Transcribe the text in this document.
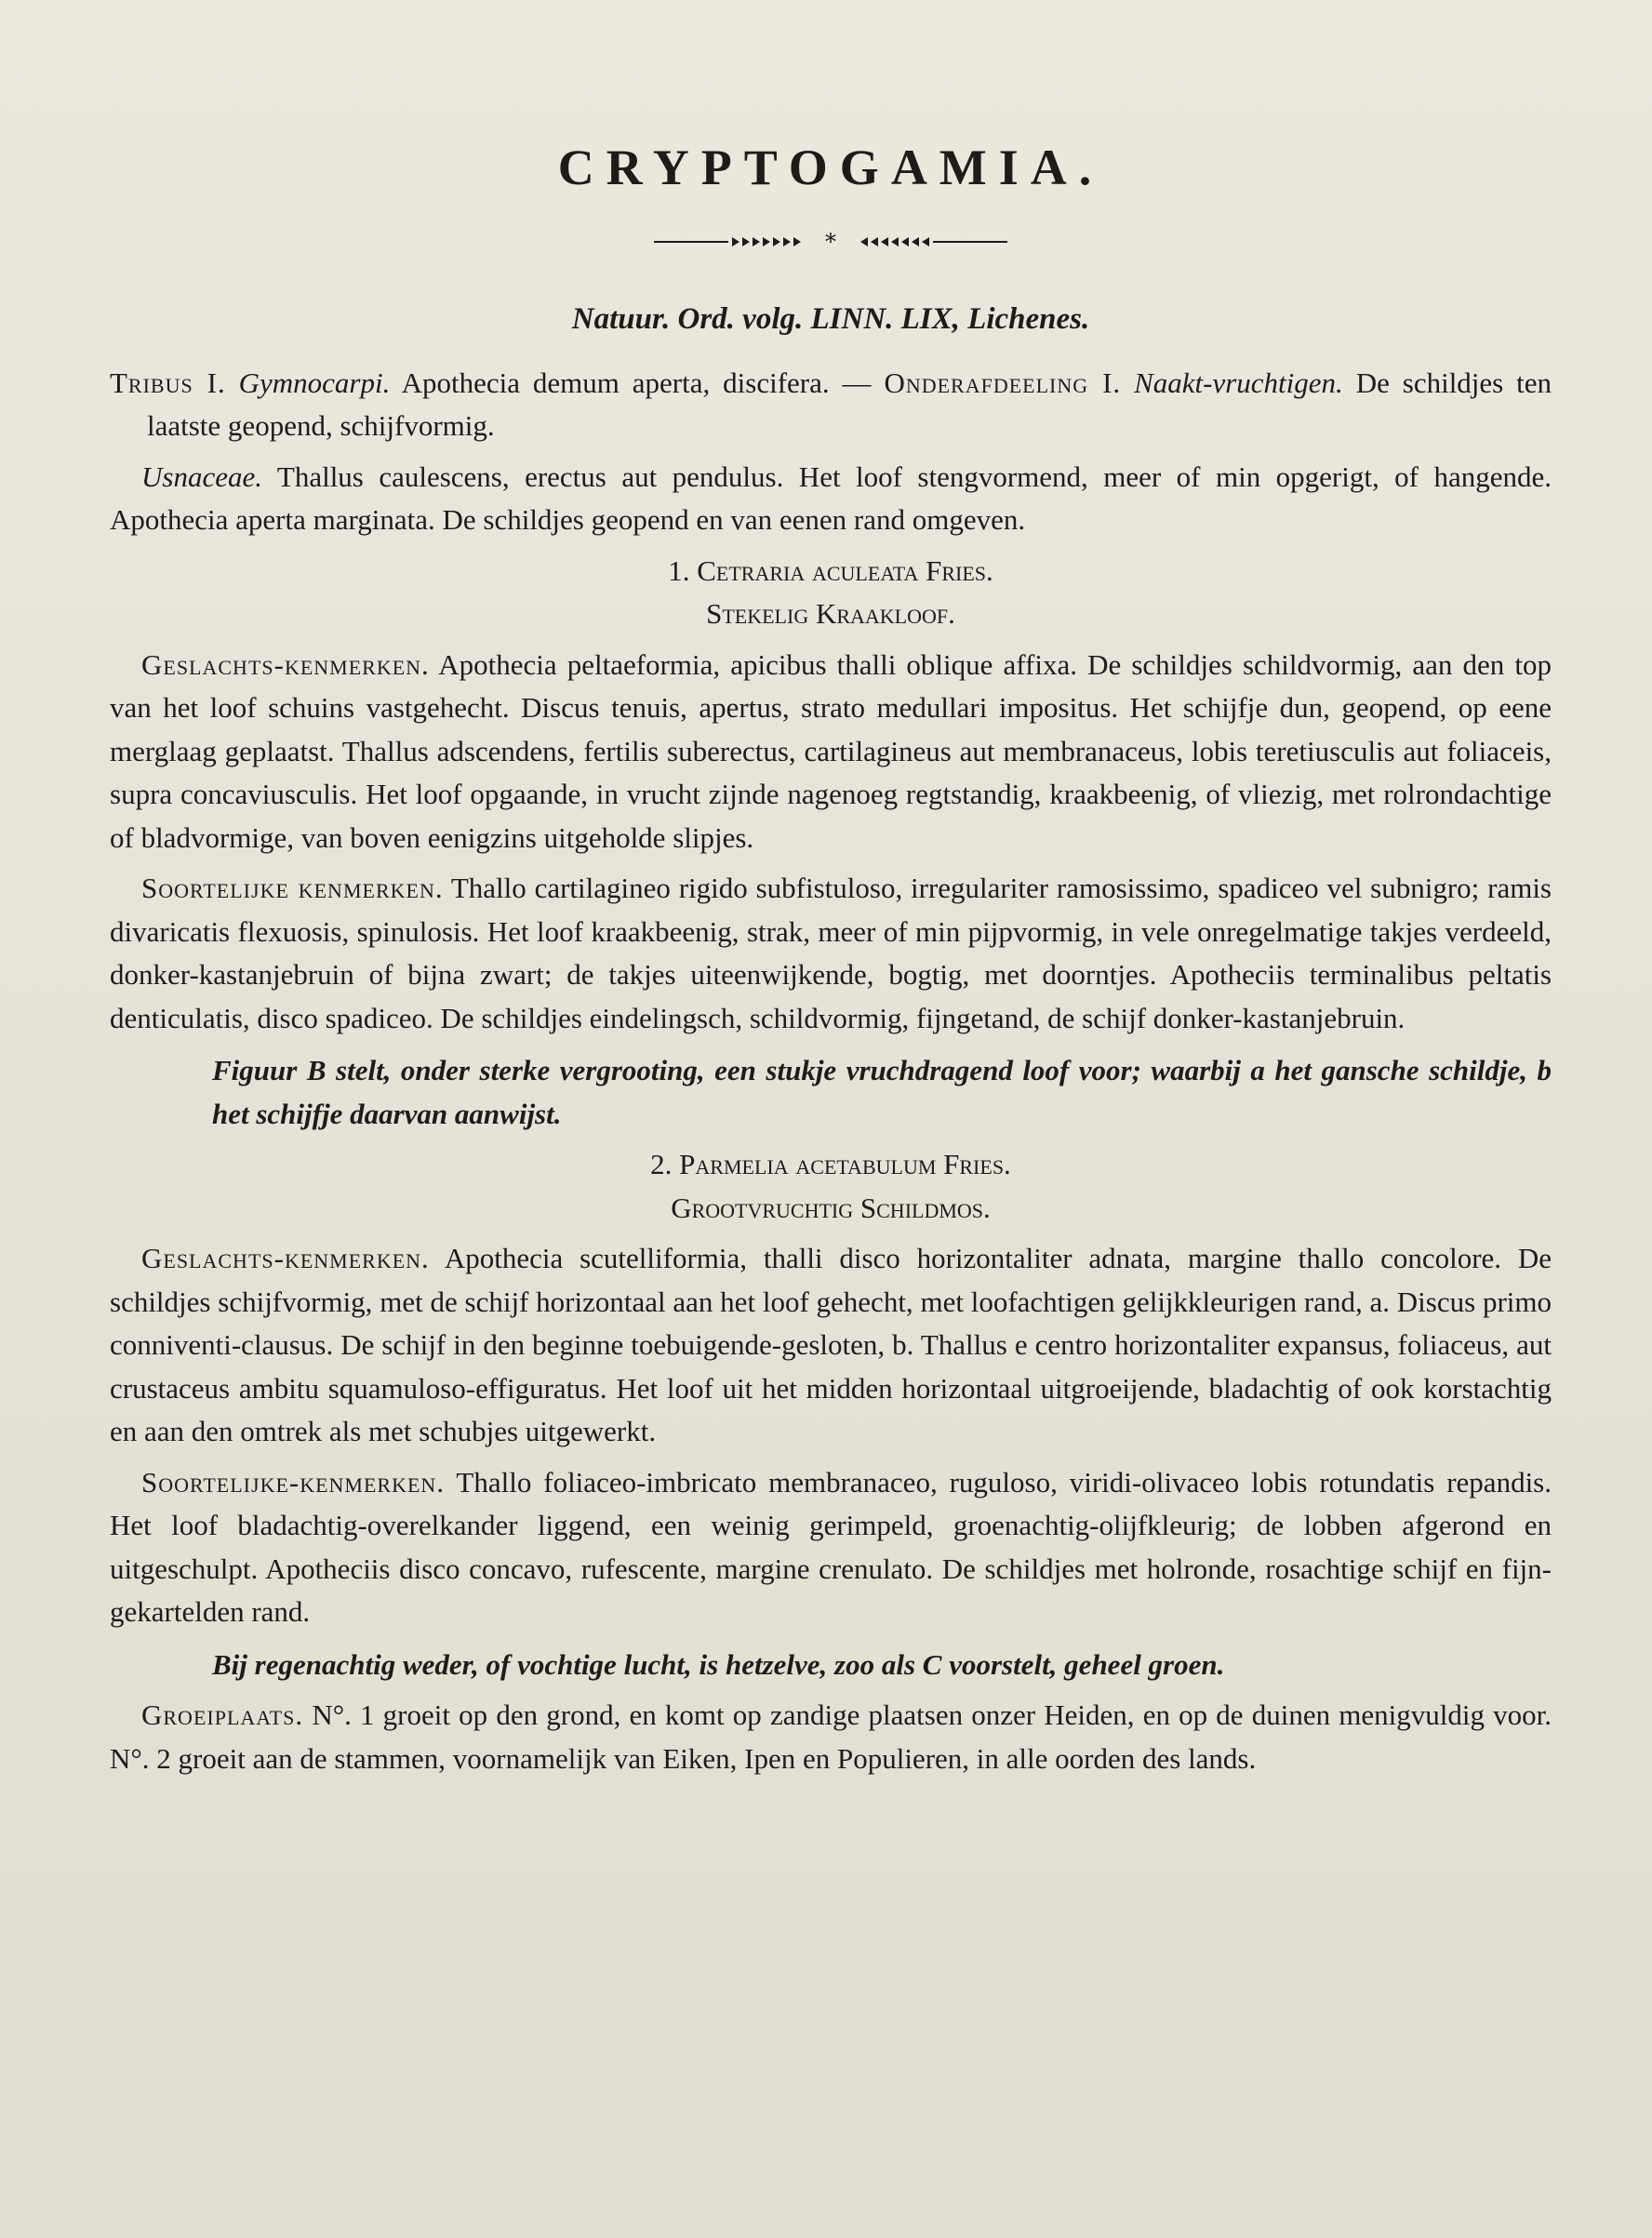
CRYPTOGAMIA.
*

Natuur. Ord. volg. LINN. LIX, Lichenes.

Tribus I. Gymnocarpi. Apothecia demum aperta, discifera. — Onderafdeeling I. Naakt-vruchtigen. De schildjes ten laatste geopend, schijfvormig.

Usnaceae. Thallus caulescens, erectus aut pendulus. Het loof stengvormend, meer of min opgerigt, of hangende. Apothecia aperta marginata. De schildjes geopend en van eenen rand omgeven.

1. Cetraria aculeata Fries.

Stekelig Kraakloof.

Geslachts-kenmerken. Apothecia peltaeformia, apicibus thalli oblique affixa. De schildjes schildvormig, aan den top van het loof schuins vastgehecht. Discus tenuis, apertus, strato medullari impositus. Het schijfje dun, geopend, op eene merglaag geplaatst. Thallus adscendens, fertilis suberectus, cartilagineus aut membranaceus, lobis teretiusculis aut foliaceis, supra concaviusculis. Het loof opgaande, in vrucht zijnde nagenoeg regtstandig, kraakbeenig, of vliezig, met rolrondachtige of bladvormige, van boven eenigzins uitgeholde slipjes.

Soortelijke kenmerken. Thallo cartilagineo rigido subfistuloso, irregulariter ramosissimo, spadiceo vel subnigro; ramis divaricatis flexuosis, spinulosis. Het loof kraakbeenig, strak, meer of min pijpvormig, in vele onregelmatige takjes verdeeld, donker-kastanjebruin of bijna zwart; de takjes uiteenwijkende, bogtig, met doorntjes. Apotheciis terminalibus peltatis denticulatis, disco spadiceo. De schildjes eindelingsch, schildvormig, fijngetand, de schijf donker-kastanjebruin.

Figuur B stelt, onder sterke vergrooting, een stukje vruchdragend loof voor; waarbij a het gansche schildje, b het schijfje daarvan aanwijst.

2. Parmelia acetabulum Fries.

Grootvruchtig Schildmos.

Geslachts-kenmerken. Apothecia scutelliformia, thalli disco horizontaliter adnata, margine thallo concolore. De schildjes schijfvormig, met de schijf horizontaal aan het loof gehecht, met loofachtigen gelijkkleurigen rand, a. Discus primo conniventi-clausus. De schijf in den beginne toebuigende-gesloten, b. Thallus e centro horizontaliter expansus, foliaceus, aut crustaceus ambitu squamuloso-effiguratus. Het loof uit het midden horizontaal uitgroeijende, bladachtig of ook korstachtig en aan den omtrek als met schubjes uitgewerkt.

Soortelijke-kenmerken. Thallo foliaceo-imbricato membranaceo, ruguloso, viridi-olivaceo lobis rotundatis repandis. Het loof bladachtig-overelkander liggend, een weinig gerimpeld, groenachtig-olijfkleurig; de lobben afgerond en uitgeschulpt. Apotheciis disco concavo, rufescente, margine crenulato. De schildjes met holronde, rosachtige schijf en fijn-gekartelden rand.

Bij regenachtig weder, of vochtige lucht, is hetzelve, zoo als C voorstelt, geheel groen.

Groeiplaats. N°. 1 groeit op den grond, en komt op zandige plaatsen onzer Heiden, en op de duinen menigvuldig voor. N°. 2 groeit aan de stammen, voornamelijk van Eiken, Ipen en Populieren, in alle oorden des lands.
